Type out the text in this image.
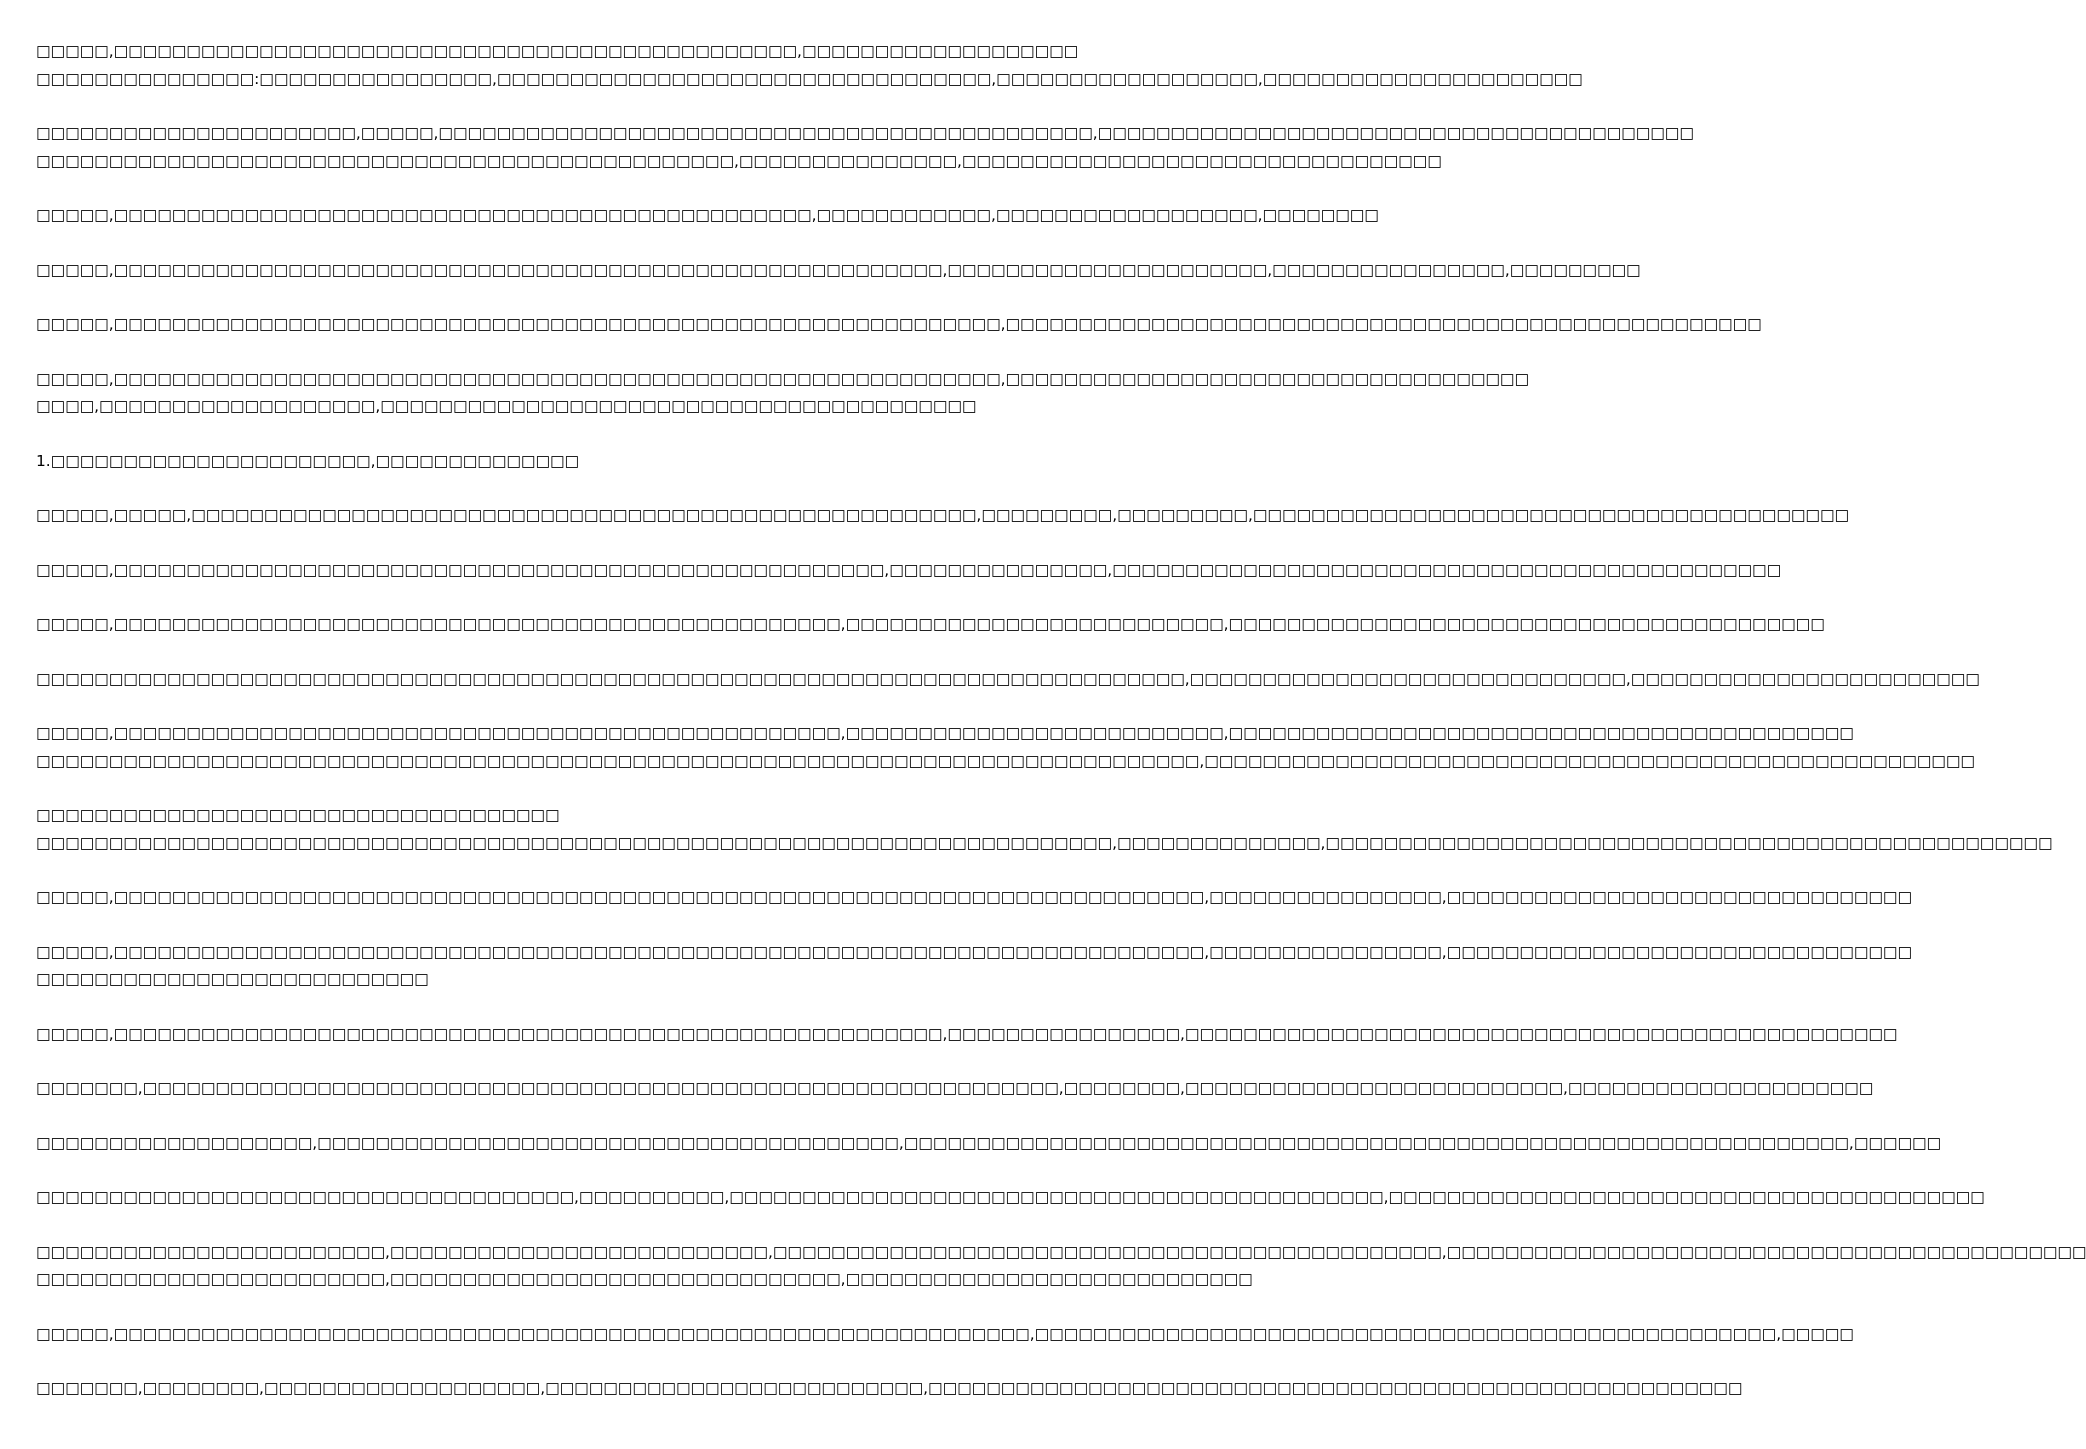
□□□□□,□□□□□□□□□□□□□□□□□□□□□□□□□□□□□□□□□□□□□□□□□□□□□□□,□□□□□□□□□□□□□□□□□□□
□□□□□□□□□□□□□□□:□□□□□□□□□□□□□□□□,□□□□□□□□□□□□□□□□□□□□□□□□□□□□□□□□□□,□□□□□□□□□□□□□□□□□□,□□□□□□□□□□□□□□□□□□□□□□
□□□□□□□□□□□□□□□□□□□□□□,□□□□□,□□□□□□□□□□□□□□□□□□□□□□□□□□□□□□□□□□□□□□□□□□□□□,□□□□□□□□□□□□□□□□□□□□□□□□□□□□□□□□□□□□□□□□□
□□□□□□□□□□□□□□□□□□□□□□□□□□□□□□□□□□□□□□□□□□□□□□□□,□□□□□□□□□□□□□□□,□□□□□□□□□□□□□□□□□□□□□□□□□□□□□□□□□
□□□□□,□□□□□□□□□□□□□□□□□□□□□□□□□□□□□□□□□□□□□□□□□□□□□□□□,□□□□□□□□□□□□,□□□□□□□□□□□□□□□□□□,□□□□□□□□
□□□□□,□□□□□□□□□□□□□□□□□□□□□□□□□□□□□□□□□□□□□□□□□□□□□□□□□□□□□□□□□,□□□□□□□□□□□□□□□□□□□□□□,□□□□□□□□□□□□□□□□,□□□□□□□□□
□□□□□,□□□□□□□□□□□□□□□□□□□□□□□□□□□□□□□□□□□□□□□□□□□□□□□□□□□□□□□□□□□□□,□□□□□□□□□□□□□□□□□□□□□□□□□□□□□□□□□□□□□□□□□□□□□□□□□□□□
□□□□□,□□□□□□□□□□□□□□□□□□□□□□□□□□□□□□□□□□□□□□□□□□□□□□□□□□□□□□□□□□□□□,□□□□□□□□□□□□□□□□□□□□□□□□□□□□□□□□□□□□
□□□□,□□□□□□□□□□□□□□□□□□□,□□□□□□□□□□□□□□□□□□□□□□□□□□□□□□□□□□□□□□□□□
1.□□□□□□□□□□□□□□□□□□□□□□,□□□□□□□□□□□□□□
□□□□□,□□□□□,□□□□□□□□□□□□□□□□□□□□□□□□□□□□□□□□□□□□□□□□□□□□□□□□□□□□□□,□□□□□□□□□,□□□□□□□□□,□□□□□□□□□□□□□□□□□□□□□□□□□□□□□□□□□□□□□□□□□
□□□□□,□□□□□□□□□□□□□□□□□□□□□□□□□□□□□□□□□□□□□□□□□□□□□□□□□□□□□,□□□□□□□□□□□□□□□,□□□□□□□□□□□□□□□□□□□□□□□□□□□□□□□□□□□□□□□□□□□□□□
□□□□□,□□□□□□□□□□□□□□□□□□□□□□□□□□□□□□□□□□□□□□□□□□□□□□□□□□,□□□□□□□□□□□□□□□□□□□□□□□□□□,□□□□□□□□□□□□□□□□□□□□□□□□□□□□□□□□□□□□□□□□□
□□□□□□□□□□□□□□□□□□□□□□□□□□□□□□□□□□□□□□□□□□□□□□□□□□□□□□□□□□□□□□□□□□□□□□□□□□□□□□□,□□□□□□□□□□□□□□□□□□□□□□□□□□□□□□,□□□□□□□□□□□□□□□□□□□□□□□□
□□□□□,□□□□□□□□□□□□□□□□□□□□□□□□□□□□□□□□□□□□□□□□□□□□□□□□□□,□□□□□□□□□□□□□□□□□□□□□□□□□□,□□□□□□□□□□□□□□□□□□□□□□□□□□□□□□□□□□□□□□□□□□□
□□□□□□□□□□□□□□□□□□□□□□□□□□□□□□□□□□□□□□□□□□□□□□□□□□□□□□□□□□□□□□□□□□□□□□□□□□□□□□□□,□□□□□□□□□□□□□□□□□□□□□□□□□□□□□□□□□□□□□□□□□□□□□□□□□□□□□
□□□□□□□□□□□□□□□□□□□□□□□□□□□□□□□□□□□□
□□□□□□□□□□□□□□□□□□□□□□□□□□□□□□□□□□□□□□□□□□□□□□□□□□□□□□□□□□□□□□□□□□□□□□□□□□,□□□□□□□□□□□□□□,□□□□□□□□□□□□□□□□□□□□□□□□□□□□□□□□□□□□□□□□□□□□□□□□□□
□□□□□,□□□□□□□□□□□□□□□□□□□□□□□□□□□□□□□□□□□□□□□□□□□□□□□□□□□□□□□□□□□□□□□□□□□□□□□□□□□,□□□□□□□□□□□□□□□□,□□□□□□□□□□□□□□□□□□□□□□□□□□□□□□□□
□□□□□,□□□□□□□□□□□□□□□□□□□□□□□□□□□□□□□□□□□□□□□□□□□□□□□□□□□□□□□□□□□□□□□□□□□□□□□□□□□,□□□□□□□□□□□□□□□□,□□□□□□□□□□□□□□□□□□□□□□□□□□□□□□□□
□□□□□□□□□□□□□□□□□□□□□□□□□□□
□□□□□,□□□□□□□□□□□□□□□□□□□□□□□□□□□□□□□□□□□□□□□□□□□□□□□□□□□□□□□□□,□□□□□□□□□□□□□□□□,□□□□□□□□□□□□□□□□□□□□□□□□□□□□□□□□□□□□□□□□□□□□□□□□□
□□□□□□□,□□□□□□□□□□□□□□□□□□□□□□□□□□□□□□□□□□□□□□□□□□□□□□□□□□□□□□□□□□□□□□□,□□□□□□□□,□□□□□□□□□□□□□□□□□□□□□□□□□□,□□□□□□□□□□□□□□□□□□□□□
□□□□□□□□□□□□□□□□□□□,□□□□□□□□□□□□□□□□□□□□□□□□□□□□□□□□□□□□□□□□,□□□□□□□□□□□□□□□□□□□□□□□□□□□□□□□□□□□□□□□□□□□□□□□□□□□□□□□□□□□□□□□□□,□□□□□□
□□□□□□□□□□□□□□□□□□□□□□□□□□□□□□□□□□□□□,□□□□□□□□□□,□□□□□□□□□□□□□□□□□□□□□□□□□□□□□□□□□□□□□□□□□□□□□,□□□□□□□□□□□□□□□□□□□□□□□□□□□□□□□□□□□□□□□□□
□□□□□□□□□□□□□□□□□□□□□□□□,□□□□□□□□□□□□□□□□□□□□□□□□□□,□□□□□□□□□□□□□□□□□□□□□□□□□□□□□□□□□□□□□□□□□□□□□□,□□□□□□□□□□□□□□□□□□□□□□□□□□□□□□□□□□□□□□□□□□□□
□□□□□□□□□□□□□□□□□□□□□□□□,□□□□□□□□□□□□□□□□□□□□□□□□□□□□□□□,□□□□□□□□□□□□□□□□□□□□□□□□□□□□
□□□□□,□□□□□□□□□□□□□□□□□□□□□□□□□□□□□□□□□□□□□□□□□□□□□□□□□□□□□□□□□□□□□□□,□□□□□□□□□□□□□□□□□□□□□□□□□□□□□□□□□□□□□□□□□□□□□□□□□□□,□□□□□
□□□□□□□,□□□□□□□□,□□□□□□□□□□□□□□□□□□□,□□□□□□□□□□□□□□□□□□□□□□□□□□,□□□□□□□□□□□□□□□□□□□□□□□□□□□□□□□□□□□□□□□□□□□□□□□□□□□□□□□□
